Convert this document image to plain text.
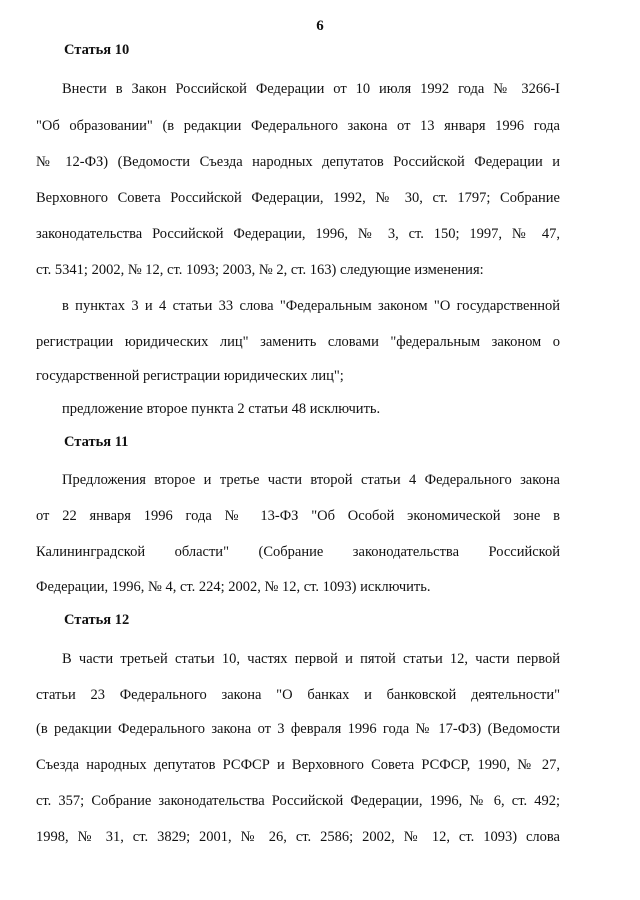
6
Статья 10
Внести в Закон Российской Федерации от 10 июля 1992 года № 3266-I
"Об образовании" (в редакции Федерального закона от 13 января 1996 года
№ 12-ФЗ) (Ведомости Съезда народных депутатов Российской Федерации и
Верховного Совета Российской Федерации, 1992, № 30, ст. 1797; Собрание
законодательства Российской Федерации, 1996, № 3, ст. 150; 1997, № 47,
ст. 5341; 2002, № 12, ст. 1093; 2003, № 2, ст. 163) следующие изменения:
в пунктах 3 и 4 статьи 33 слова "Федеральным законом "О государственной
регистрации юридических лиц" заменить словами "федеральным законом о
государственной регистрации юридических лиц";
предложение второе пункта 2 статьи 48 исключить.
Статья 11
Предложения второе и третье части второй статьи 4 Федерального закона
от 22 января 1996 года № 13-ФЗ "Об Особой экономической зоне в
Калининградской области" (Собрание законодательства Российской
Федерации, 1996, № 4, ст. 224; 2002, № 12, ст. 1093) исключить.
Статья 12
В части третьей статьи 10, частях первой и пятой статьи 12, части первой
статьи 23 Федерального закона "О банках и банковской деятельности"
(в редакции Федерального закона от 3 февраля 1996 года № 17-ФЗ) (Ведомости
Съезда народных депутатов РСФСР и Верховного Совета РСФСР, 1990, № 27,
ст. 357; Собрание законодательства Российской Федерации, 1996, № 6, ст. 492;
1998, № 31, ст. 3829; 2001, № 26, ст. 2586; 2002, № 12, ст. 1093) слова
